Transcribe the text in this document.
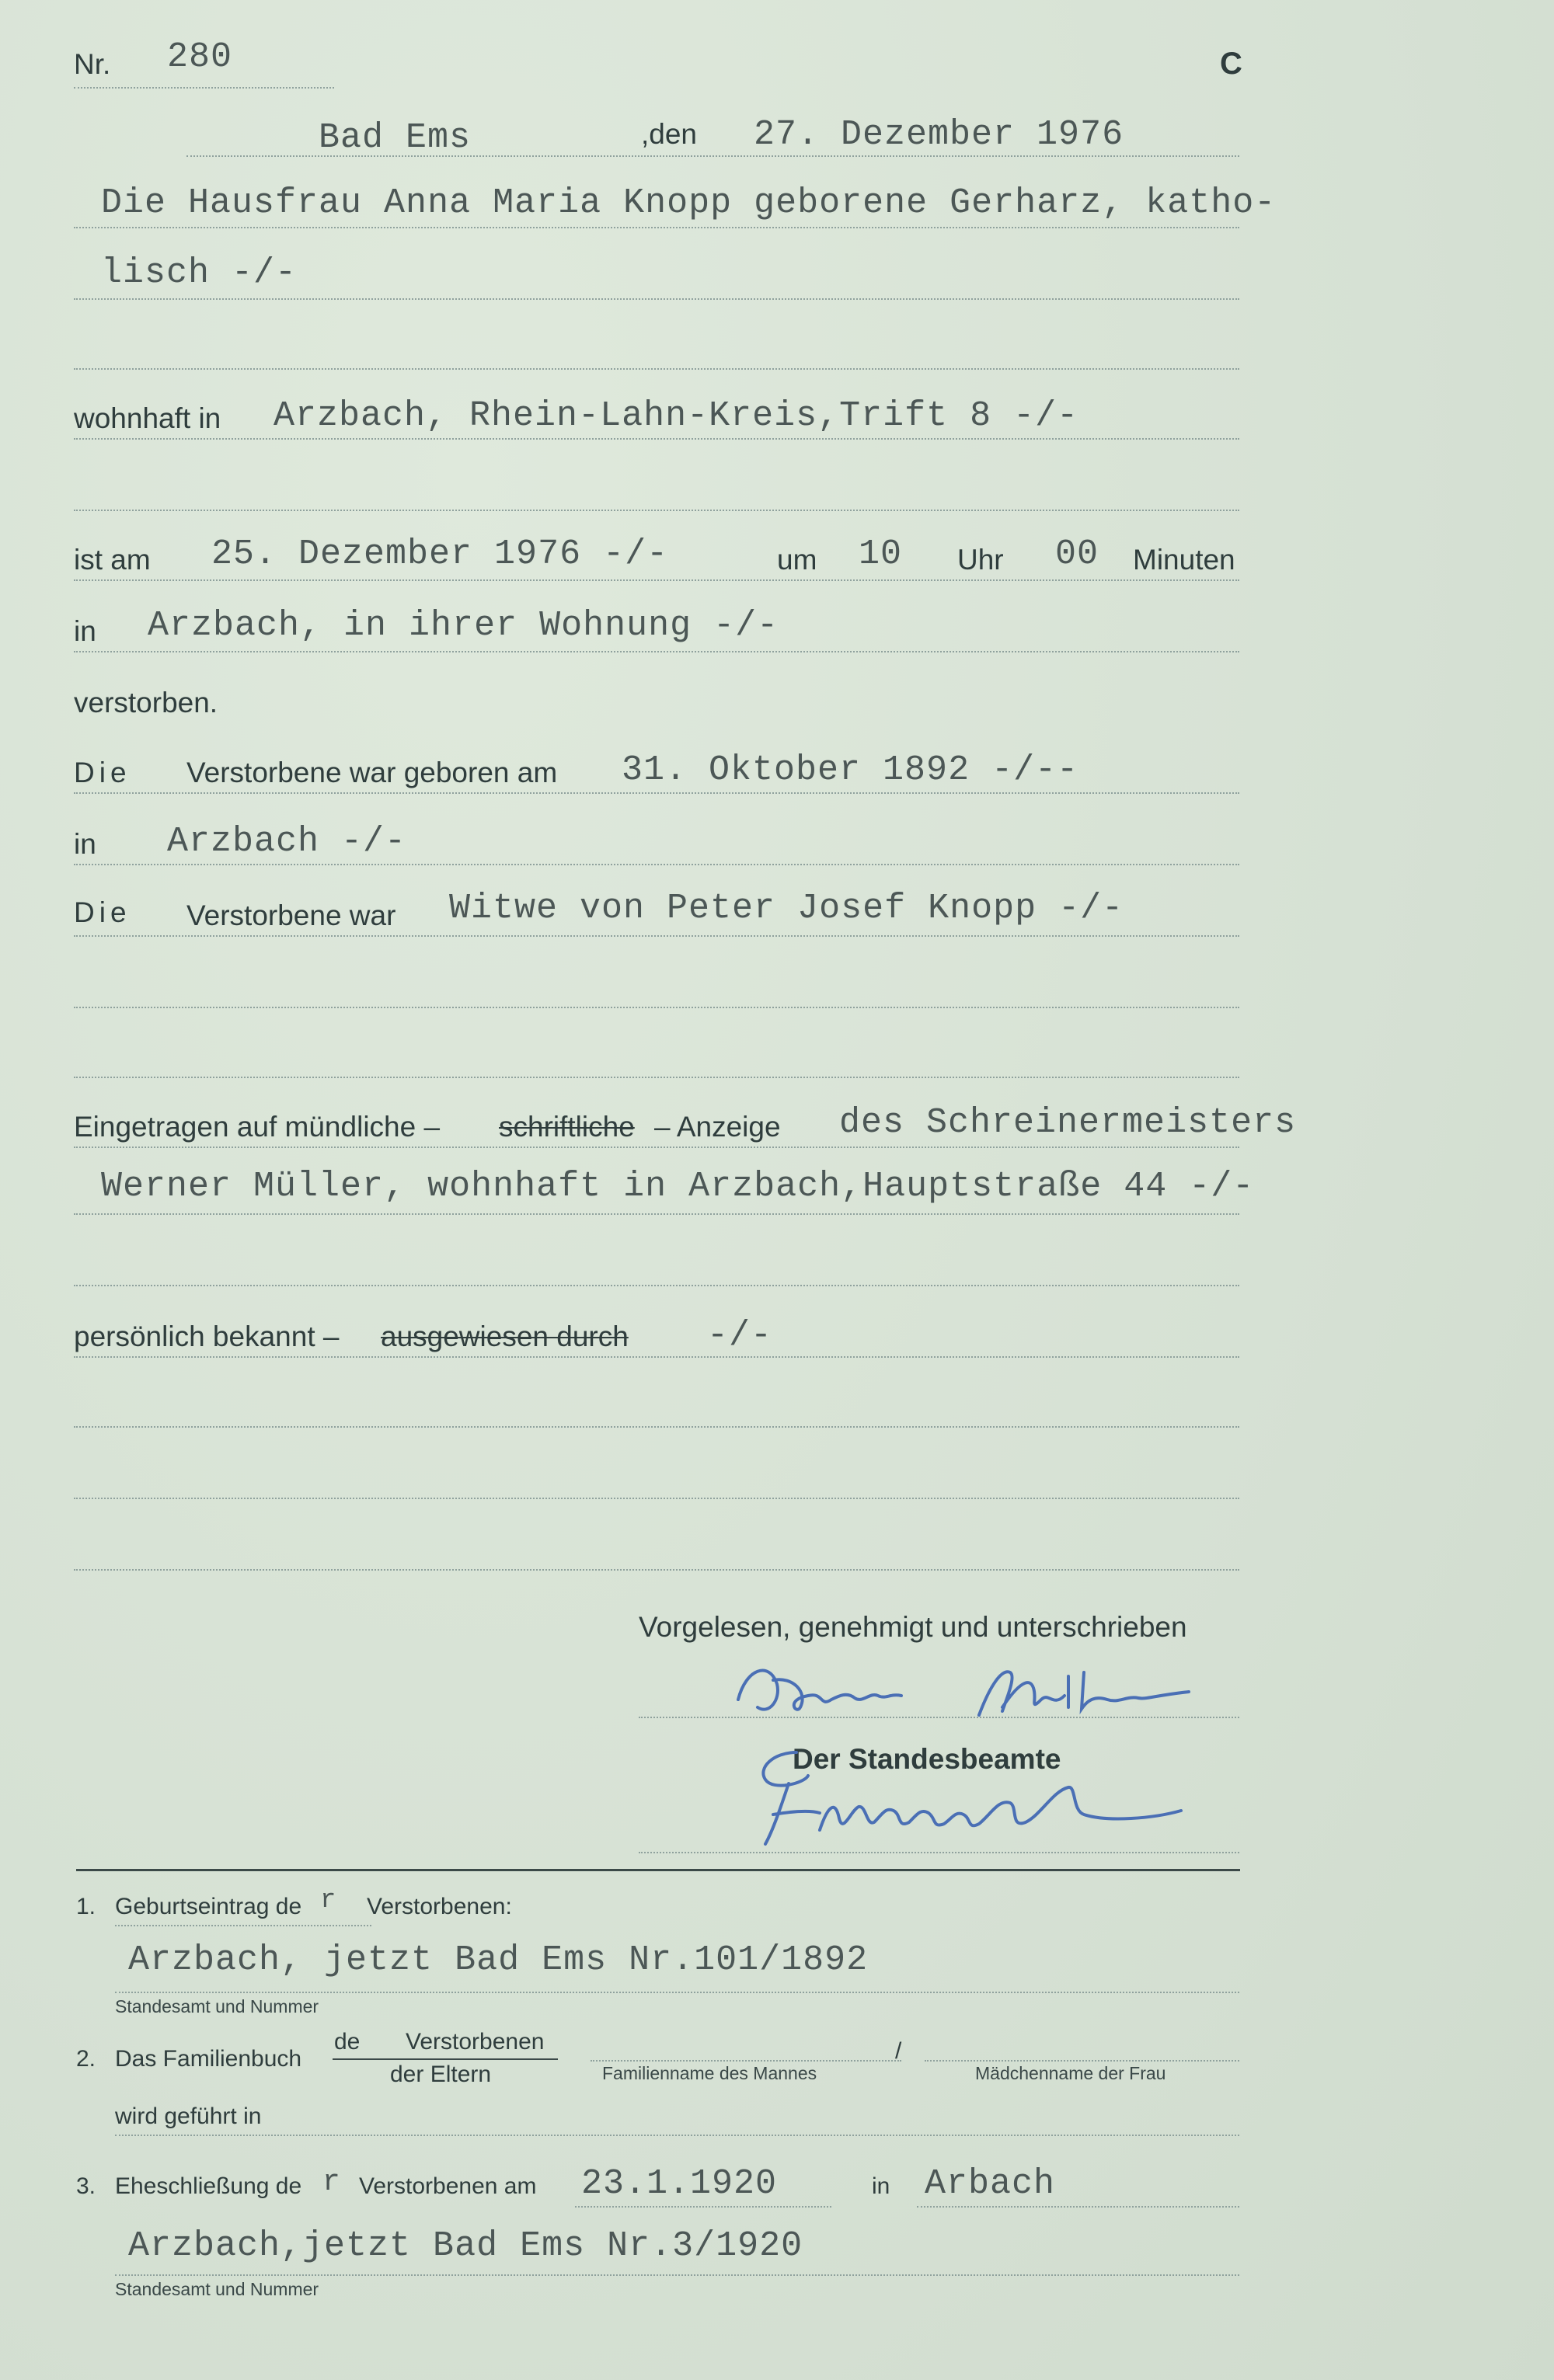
Nr. 280	C
Bad Ems	,den 27. Dezember 1976
Die Hausfrau Anna Maria Knopp geborene Gerharz, katho-
lisch -/-
wohnhaft in Arzbach, Rhein-Lahn-Kreis,Trift 8 -/-
ist am 25. Dezember 1976 -/-	um 10 Uhr 00 Minuten
in Arzbach, in ihrer Wohnung -/-
verstorben.
Die Verstorbene war geboren am 31. Oktober 1892 -/--
in Arzbach -/-
Die Verstorbene war Witwe von Peter Josef Knopp -/-
Eingetragen auf mündliche – schriftliche – Anzeige des Schreinermeisters
Werner Müller, wohnhaft in Arzbach,Hauptstraße 44 -/-
persönlich bekannt – ausgewiesen durch -/-
Vorgelesen, genehmigt und unterschrieben
Der Standesbeamte
1. Geburtseintrag de r Verstorbenen:
Arzbach, jetzt Bad Ems Nr.101/1892
Standesamt und Nummer
2. Das Familienbuch
de Verstorbenen
der Eltern	Familienname des Mannes
/
Mädchenname der Frau
wird geführt in
3. Eheschließung de r Verstorbenen am 23.1.1920	in Arbach
Arzbach,jetzt Bad Ems Nr.3/1920
Standesamt und Nummer
